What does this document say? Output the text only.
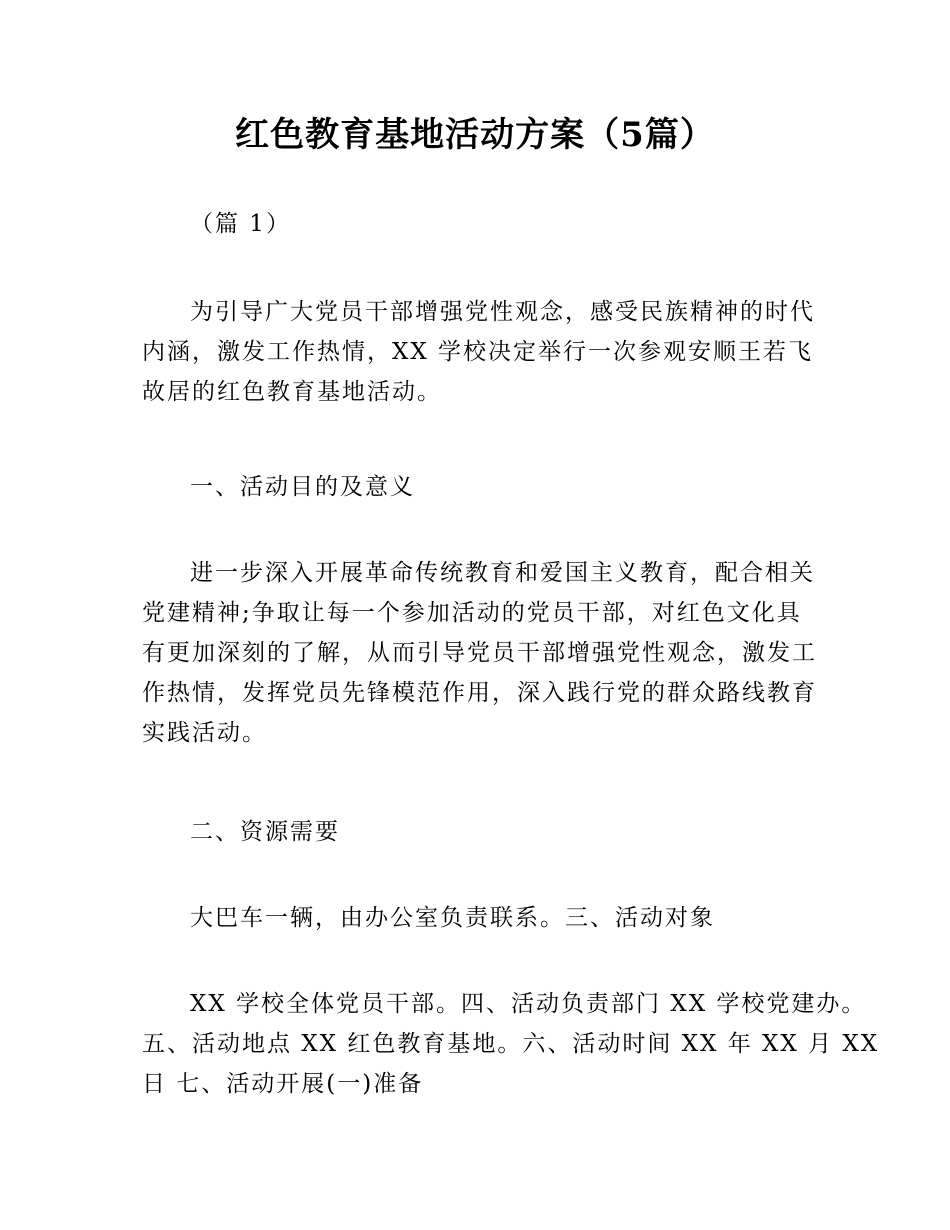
红色教育基地活动方案（5篇）
（篇 1）
为引导广大党员干部增强党性观念，感受民族精神的时代
内涵，激发工作热情，XX 学校决定举行一次参观安顺王若飞
故居的红色教育基地活动。
一、活动目的及意义
进一步深入开展革命传统教育和爱国主义教育，配合相关
党建精神;争取让每一个参加活动的党员干部，对红色文化具
有更加深刻的了解，从而引导党员干部增强党性观念，激发工
作热情，发挥党员先锋模范作用，深入践行党的群众路线教育
实践活动。
二、资源需要
大巴车一辆，由办公室负责联系。三、活动对象
XX 学校全体党员干部。四、活动负责部门 XX 学校党建办。
五、活动地点 XX 红色教育基地。六、活动时间 XX 年 XX 月 XX
日 七、活动开展(一)准备
